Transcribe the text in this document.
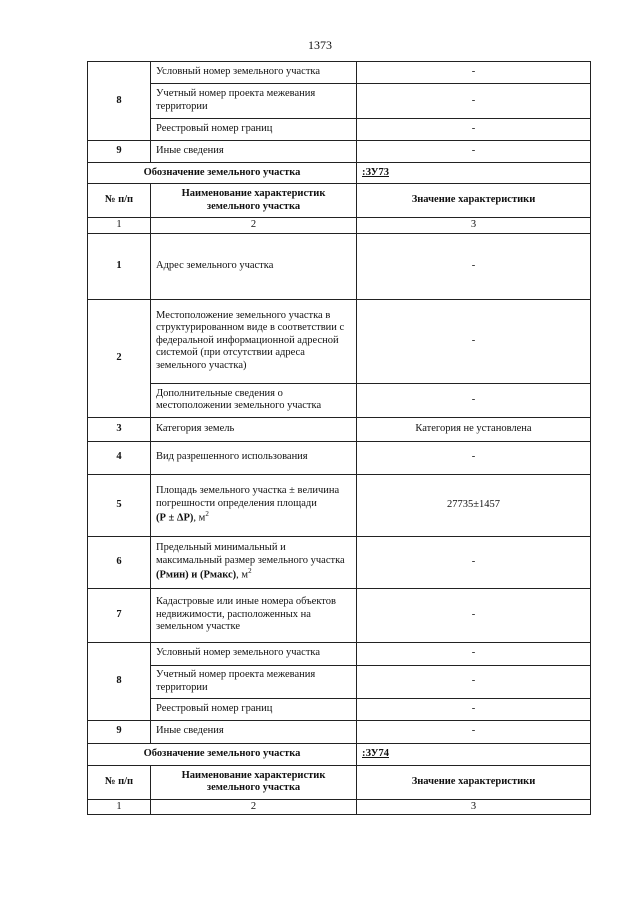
1373
8	Условный номер земельного участка	-
	Учетный номер проекта межевания территории	-
	Реестровый номер границ	-
9	Иные сведения	-
Обозначение земельного участка		:ЗУ73
№ п/п	Наименование характеристик земельного участка	Значение характеристики
1	2	3
1	Адрес земельного участка	-
2	Местоположение земельного участка в структурированном виде в соответствии с федеральной информационной адресной системой (при отсутствии адреса земельного участка)	-
	Дополнительные сведения о местоположении земельного участка	-
3	Категория земель	Категория не установлена
4	Вид разрешенного использования	-
5	Площадь земельного участка ± величина погрешности определения площади
(Р ± ΔР), $м^2$	27735±1457
6	Предельный минимальный и максимальный размер земельного участка (Рмин) и (Рмакс), $м^2$	-
7	Кадастровые или иные номера объектов недвижимости, расположенных на земельном участке	-
8	Условный номер земельного участка	-
	Учетный номер проекта межевания территории	-
	Реестровый номер границ	-
9	Иные сведения	-
Обозначение земельного участка		:ЗУ74
№ п/п	Наименование характеристик земельного участка	Значение характеристики
1	2	3
